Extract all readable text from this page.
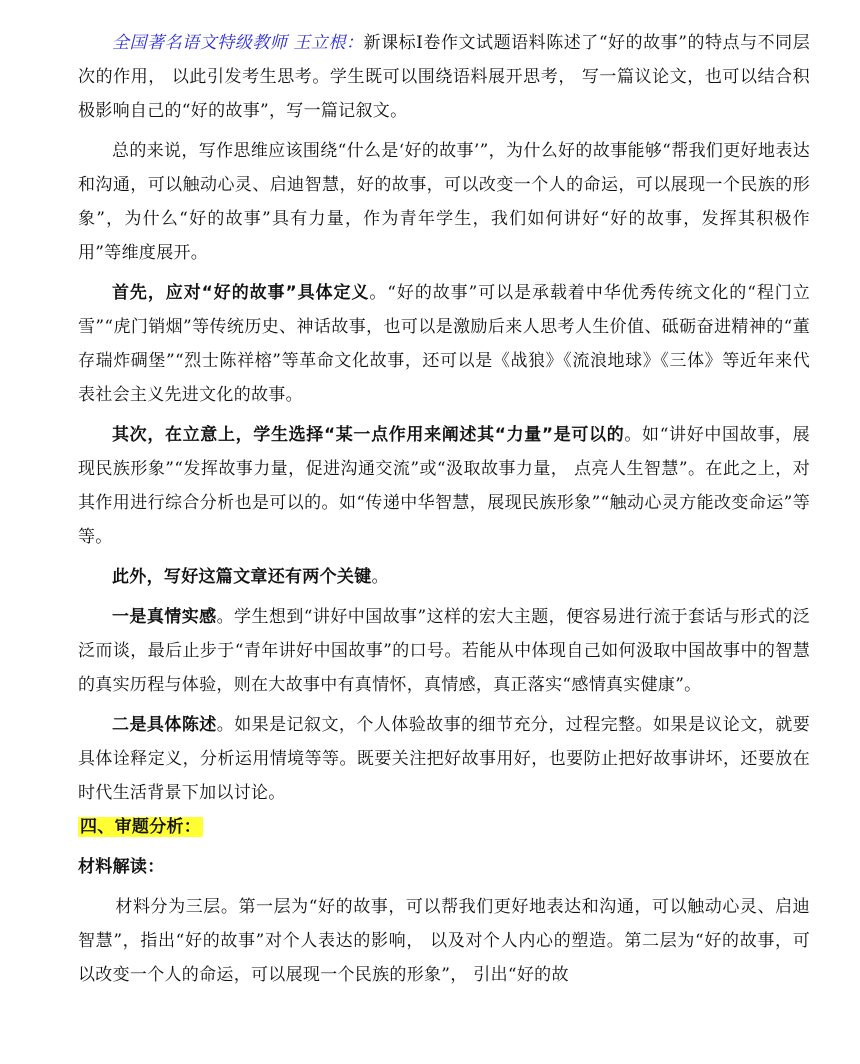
全国著名语文特级教师 王立根：新课标Ⅰ卷作文试题语料陈述了“好的故事”的特点与不同层次的作用， 以此引发考生思考。学生既可以围绕语料展开思考， 写一篇议论文，也可以结合积极影响自己的“好的故事”，写一篇记叙文。

总的来说，写作思维应该围绕“什么是‘好的故事’”，为什么好的故事能够“帮我们更好地表达和沟通，可以触动心灵、启迪智慧，好的故事，可以改变一个人的命运，可以展现一个民族的形象”，为什么“好的故事”具有力量，作为青年学生，我们如何讲好“好的故事，发挥其积极作用”等维度展开。

首先，应对“好的故事”具体定义。“好的故事”可以是承载着中华优秀传统文化的“程门立雪”“虎门销烟”等传统历史、神话故事，也可以是激励后来人思考人生价值、砥砺奋进精神的“董存瑞炸碉堡”“烈士陈祥榕”等革命文化故事，还可以是《战狼》《流浪地球》《三体》等近年来代表社会主义先进文化的故事。

其次，在立意上，学生选择“某一点作用来阐述其“力量”是可以的。如“讲好中国故事，展现民族形象”“发挥故事力量，促进沟通交流”或“汲取故事力量， 点亮人生智慧”。在此之上，对其作用进行综合分析也是可以的。如“传递中华智慧，展现民族形象”“触动心灵方能改变命运”等等。

此外，写好这篇文章还有两个关键。

一是真情实感。学生想到“讲好中国故事”这样的宏大主题，便容易进行流于套话与形式的泛泛而谈，最后止步于“青年讲好中国故事”的口号。若能从中体现自己如何汲取中国故事中的智慧的真实历程与体验，则在大故事中有真情怀，真情感，真正落实“感情真实健康”。

二是具体陈述。如果是记叙文，个人体验故事的细节充分，过程完整。如果是议论文，就要具体诠释定义，分析运用情境等等。既要关注把好故事用好，也要防止把好故事讲坏，还要放在时代生活背景下加以讨论。

四、审题分析：

材料解读：

材料分为三层。第一层为“好的故事，可以帮我们更好地表达和沟通，可以触动心灵、启迪智慧”，指出“好的故事”对个人表达的影响， 以及对个人内心的塑造。第二层为“好的故事，可以改变一个人的命运，可以展现一个民族的形象”， 引出“好的故
